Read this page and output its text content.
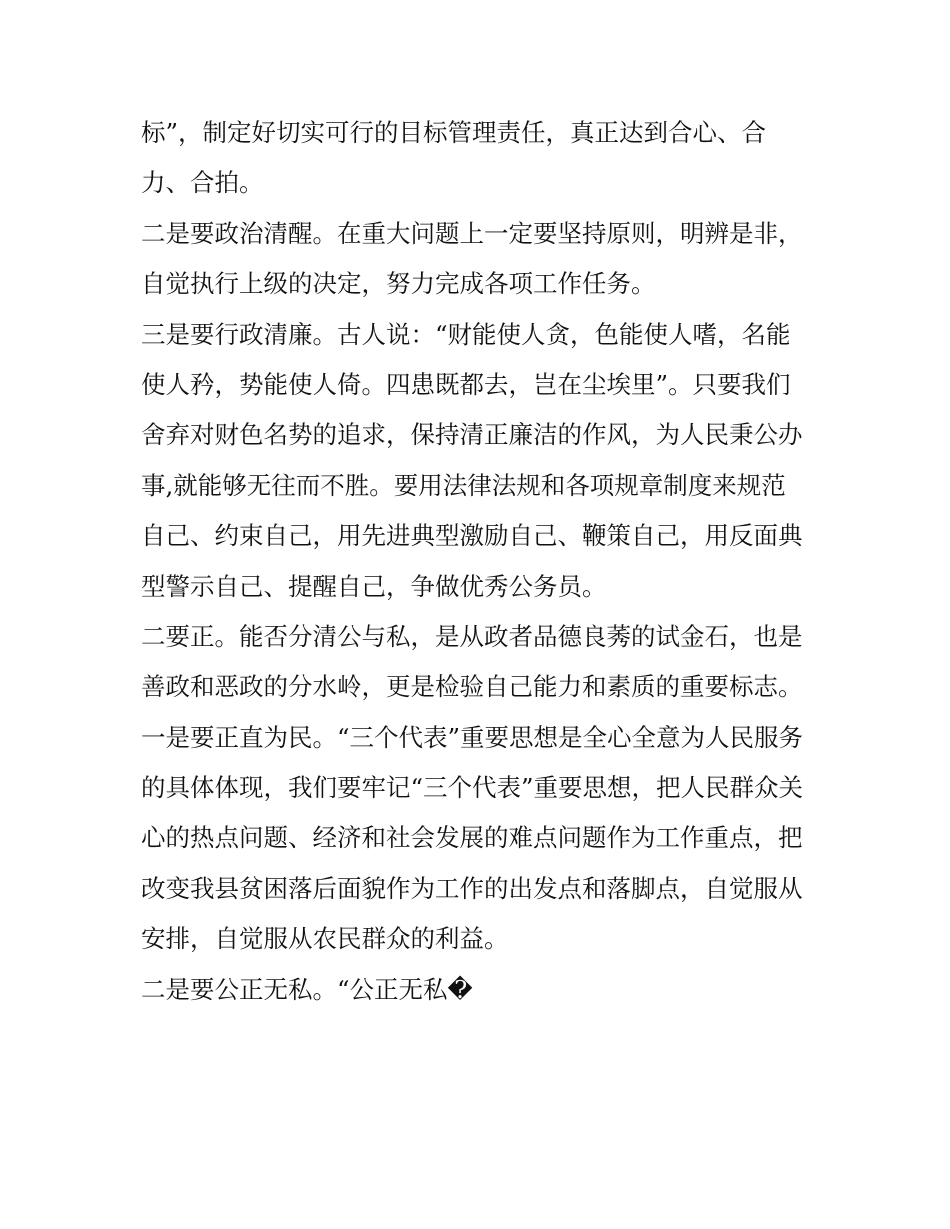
标”，制定好切实可行的目标管理责任，真正达到合心、合
力、合拍。
二是要政治清醒。在重大问题上一定要坚持原则，明辨是非，
自觉执行上级的决定，努力完成各项工作任务。
三是要行政清廉。古人说：“财能使人贪，色能使人嗜，名能
使人矜，势能使人倚。四患既都去，岂在尘埃里”。只要我们
舍弃对财色名势的追求，保持清正廉洁的作风，为人民秉公办
事,就能够无往而不胜。要用法律法规和各项规章制度来规范
自己、约束自己，用先进典型激励自己、鞭策自己，用反面典
型警示自己、提醒自己，争做优秀公务员。
二要正。能否分清公与私，是从政者品德良莠的试金石，也是
善政和恶政的分水岭，更是检验自己能力和素质的重要标志。
一是要正直为民。“三个代表”重要思想是全心全意为人民服务
的具体体现，我们要牢记“三个代表”重要思想，把人民群众关
心的热点问题、经济和社会发展的难点问题作为工作重点，把
改变我县贫困落后面貌作为工作的出发点和落脚点，自觉服从
安排，自觉服从农民群众的利益。
二是要公正无私。“公正无私�
